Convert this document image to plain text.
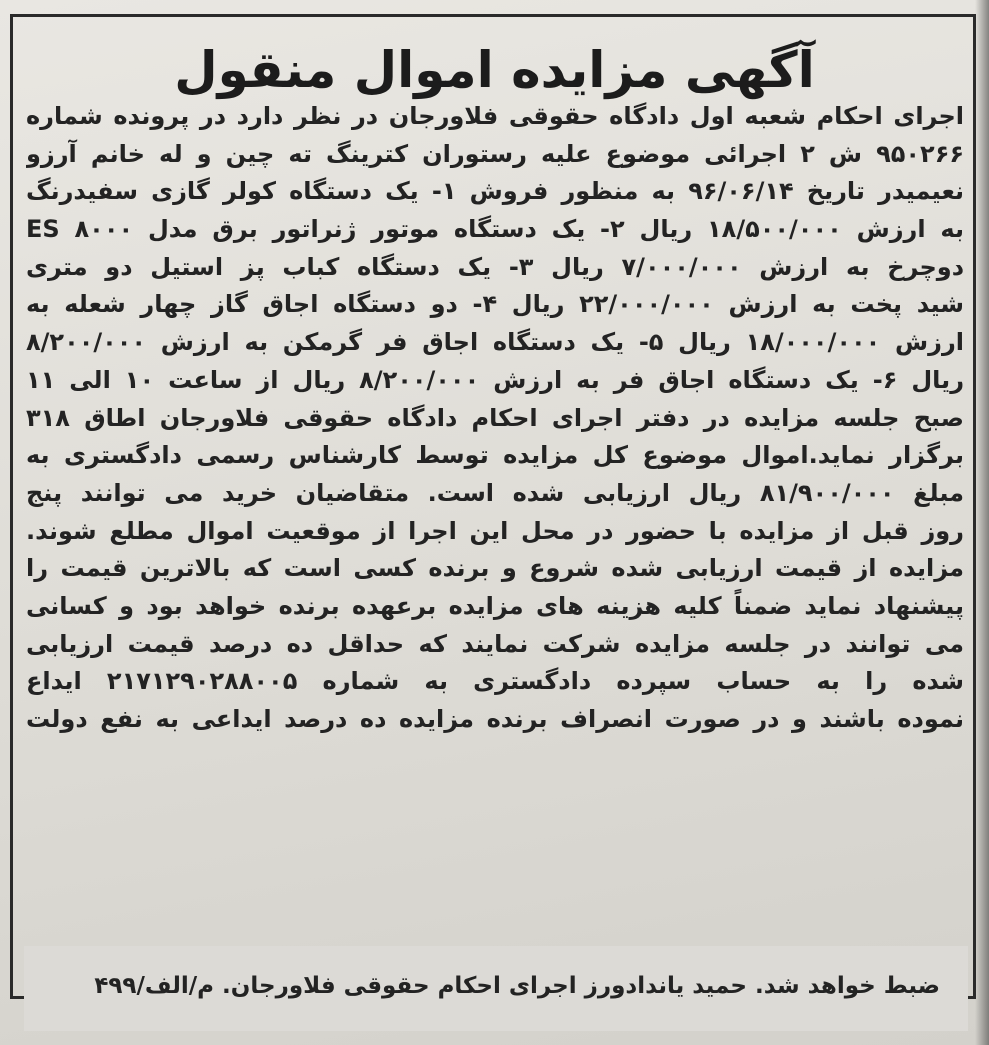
آگهی مزایده اموال منقول
اجرای احکام شعبه اول دادگاه حقوقی فلاورجان در نظر دارد در پرونده شماره
۹۵۰۲۶۶ ش ۲ اجرائی موضوع علیه رستوران کترینگ ته چین و له خانم آرزو
نعیمیدر تاریخ ۹۶/۰۶/۱۴ به منظور فروش ۱- یک دستگاه کولر گازی سفیدرنگ
به ارزش ۱۸/۵۰۰/۰۰۰ ریال ۲- یک دستگاه موتور ژنراتور برق مدل ES ۸۰۰۰
دوچرخ به ارزش ۷/۰۰۰/۰۰۰ ریال ۳- یک دستگاه کباب پز استیل دو متری
شید پخت به ارزش ۲۲/۰۰۰/۰۰۰ ریال ۴- دو دستگاه اجاق گاز چهار شعله به
ارزش ۱۸/۰۰۰/۰۰۰ ریال ۵- یک دستگاه اجاق فر گرمکن به ارزش ۸/۲۰۰/۰۰۰
ریال ۶- یک دستگاه اجاق فر به ارزش ۸/۲۰۰/۰۰۰ ریال از ساعت ۱۰ الی ۱۱
صبح جلسه مزایده در دفتر اجرای احکام دادگاه حقوقی فلاورجان اطاق ۳۱۸
برگزار نماید.اموال موضوع کل مزایده توسط کارشناس رسمی دادگستری به
مبلغ ۸۱/۹۰۰/۰۰۰ ریال ارزیابی شده است. متقاضیان خرید می توانند پنج
روز قبل از مزایده با حضور در محل این اجرا از موقعیت اموال مطلع شوند.
مزایده از قیمت ارزیابی شده شروع و برنده کسی است که بالاترین قیمت را
پیشنهاد نماید ضمناً کلیه هزینه های مزایده برعهده برنده خواهد بود و کسانی
می توانند در جلسه مزایده شرکت نمایند که حداقل ده درصد قیمت ارزیابی
شده را به حساب سپرده دادگستری به شماره ۲۱۷۱۲۹۰۲۸۸۰۰۵ ایداع
نموده باشند و در صورت انصراف برنده مزایده ده درصد ایداعی به نفع دولت
ضبط خواهد شد. حمید یاندادورز اجرای احکام حقوقی فلاورجان. م/الف/۴۹۹
